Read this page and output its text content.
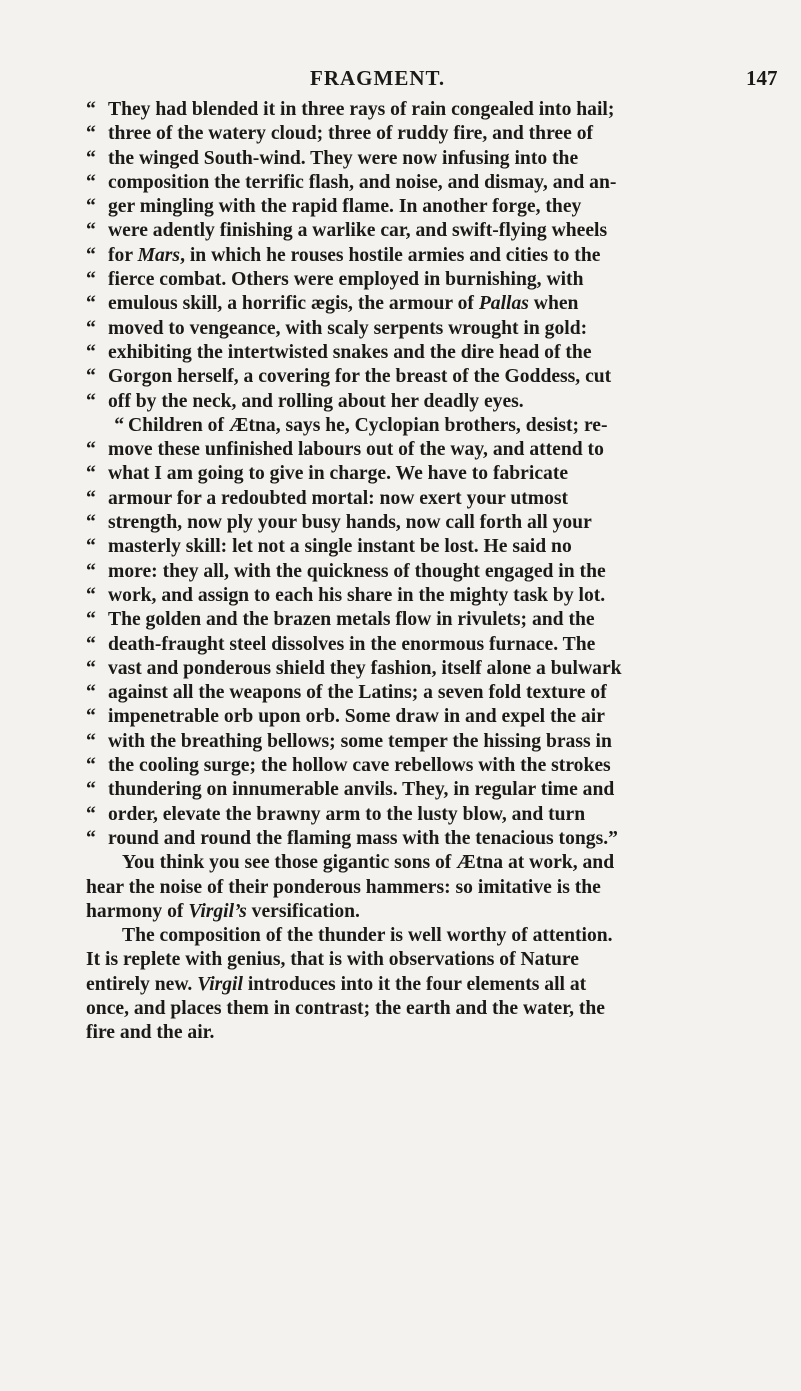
FRAGMENT.	147
“ They had blended it in three rays of rain congealed into hail;
“ three of the watery cloud; three of ruddy fire, and three of
“ the winged South-wind. They were now infusing into the
“ composition the terrific flash, and noise, and dismay, and an-
“ ger mingling with the rapid flame. In another forge, they
“ were adently finishing a warlike car, and swift-flying wheels
“ for Mars, in which he rouses hostile armies and cities to the
“ fierce combat. Others were employed in burnishing, with
“ emulous skill, a horrific ægis, the armour of Pallas when
“ moved to vengeance, with scaly serpents wrought in gold:
“ exhibiting the intertwisted snakes and the dire head of the
“ Gorgon herself, a covering for the breast of the Goddess, cut
“ off by the neck, and rolling about her deadly eyes.
“ Children of Ætna, says he, Cyclopian brothers, desist; re-
“ move these unfinished labours out of the way, and attend to
“ what I am going to give in charge. We have to fabricate
“ armour for a redoubted mortal: now exert your utmost
“ strength, now ply your busy hands, now call forth all your
“ masterly skill: let not a single instant be lost. He said no
“ more: they all, with the quickness of thought engaged in the
“ work, and assign to each his share in the mighty task by lot.
“ The golden and the brazen metals flow in rivulets; and the
“ death-fraught steel dissolves in the enormous furnace. The
“ vast and ponderous shield they fashion, itself alone a bulwark
“ against all the weapons of the Latins; a seven fold texture of
“ impenetrable orb upon orb. Some draw in and expel the air
“ with the breathing bellows; some temper the hissing brass in
“ the cooling surge; the hollow cave rebellows with the strokes
“ thundering on innumerable anvils. They, in regular time and
“ order, elevate the brawny arm to the lusty blow, and turn
“ round and round the flaming mass with the tenacious tongs.”
You think you see those gigantic sons of Ætna at work, and
hear the noise of their ponderous hammers: so imitative is the
harmony of Virgil’s versification.
The composition of the thunder is well worthy of attention.
It is replete with genius, that is with observations of Nature
entirely new. Virgil introduces into it the four elements all at
once, and places them in contrast; the earth and the water, the
fire and the air.
